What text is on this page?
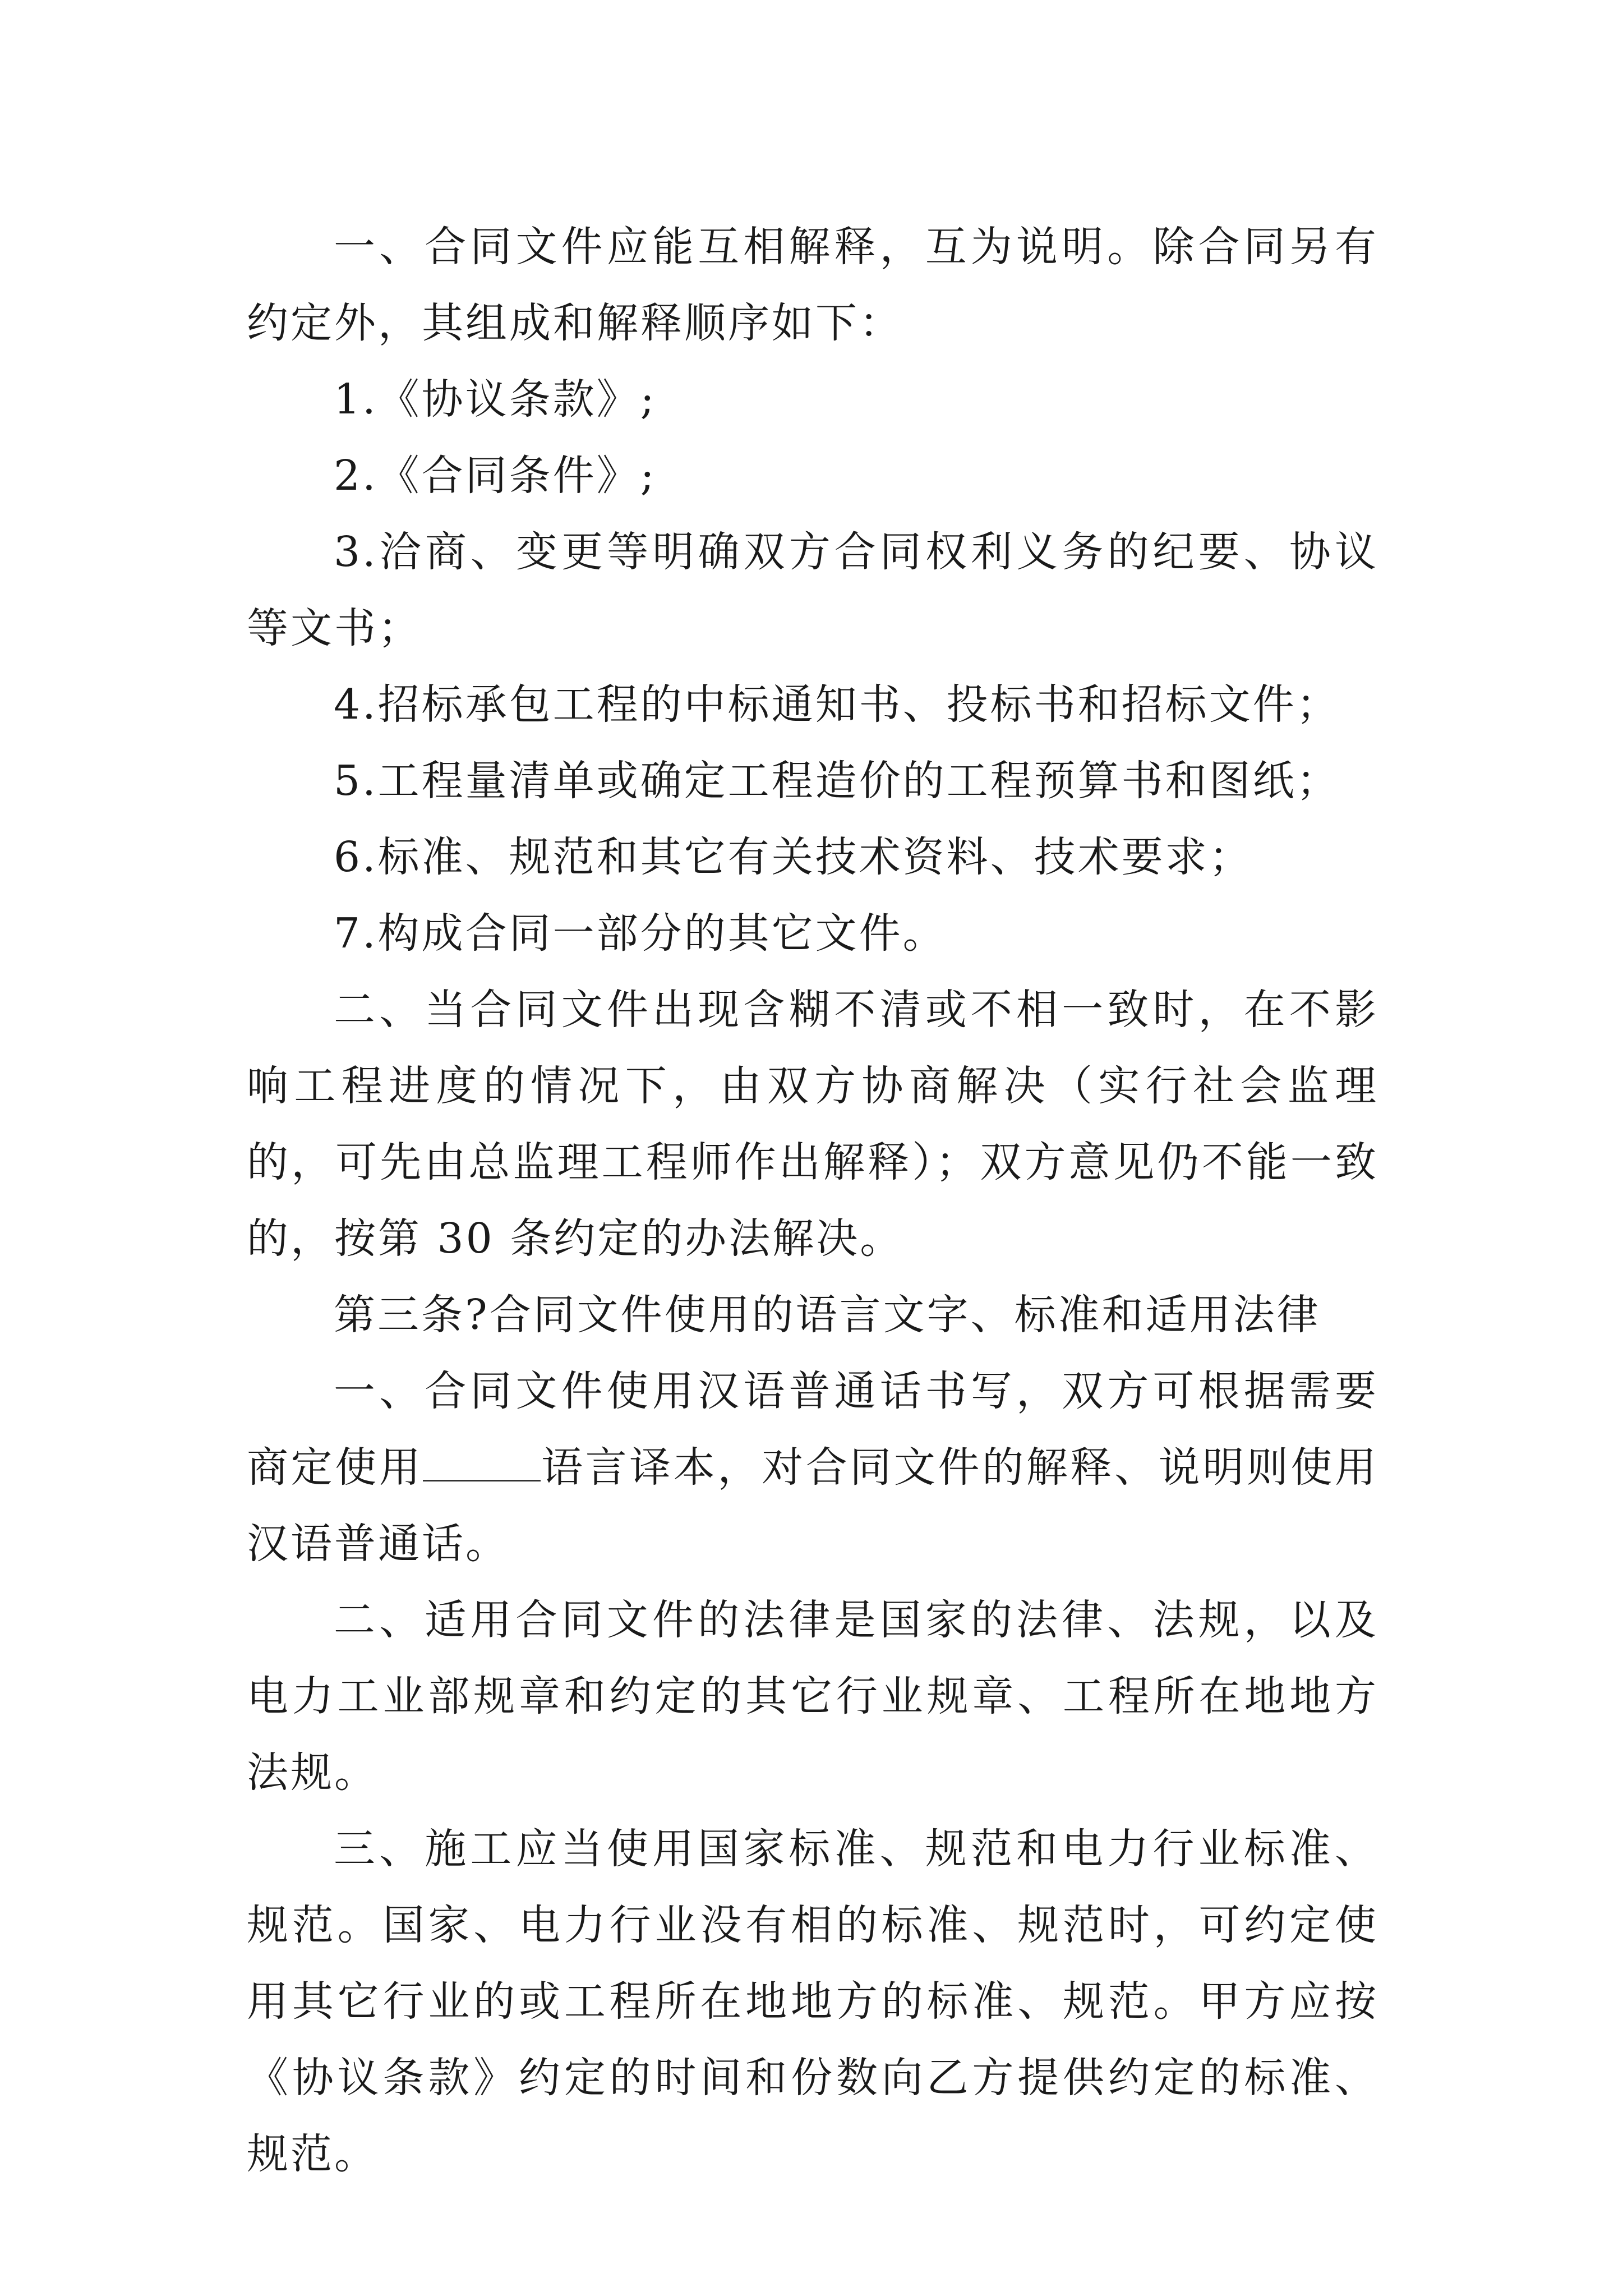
一、合同文件应能互相解释，互为说明。除合同另有约定外，其组成和解释顺序如下：

1.《协议条款》;

2.《合同条件》;

3.洽商、变更等明确双方合同权利义务的纪要、协议等文书；

4.招标承包工程的中标通知书、投标书和招标文件；

5.工程量清单或确定工程造价的工程预算书和图纸；

6.标准、规范和其它有关技术资料、技术要求；

7.构成合同一部分的其它文件。

二、当合同文件出现含糊不清或不相一致时，在不影响工程进度的情况下，由双方协商解决（实行社会监理的，可先由总监理工程师作出解释）；双方意见仍不能一致的，按第 30 条约定的办法解决。

第三条?合同文件使用的语言文字、标准和适用法律

一、合同文件使用汉语普通话书写，双方可根据需要商定使用	语言译本，对合同文件的解释、说明则使用汉语普通话。

二、适用合同文件的法律是国家的法律、法规，以及电力工业部规章和约定的其它行业规章、工程所在地地方法规。

三、施工应当使用国家标准、规范和电力行业标准、规范。国家、电力行业没有相的标准、规范时，可约定使用其它行业的或工程所在地地方的标准、规范。甲方应按《协议条款》约定的时间和份数向乙方提供约定的标准、规范。
